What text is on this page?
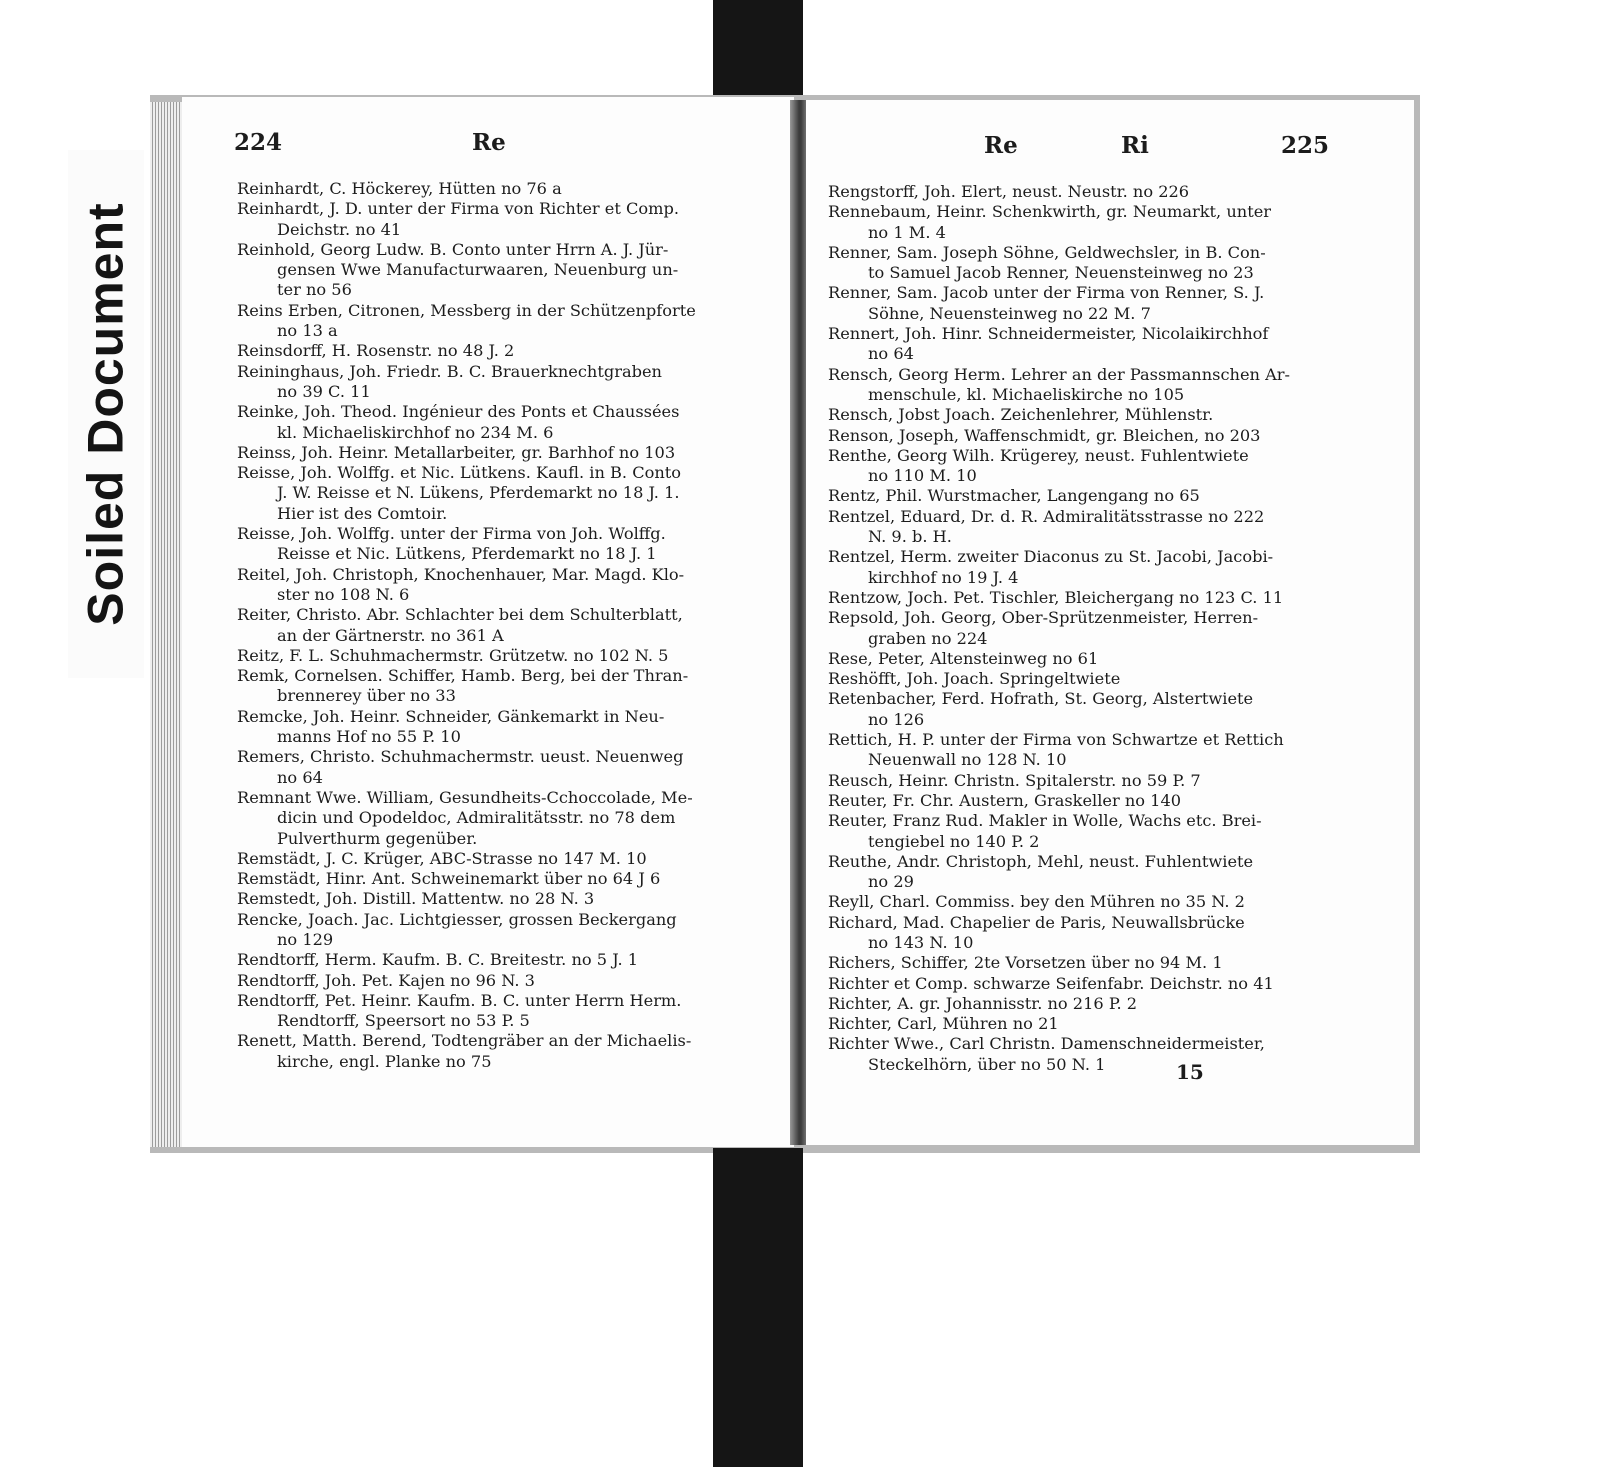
Soiled Document
224	Re
Reinhardt, C. Höckerey, Hütten no 76 a
Reinhardt, J. D. unter der Firma von Richter et Comp.
Deichstr. no 41
Reinhold, Georg Ludw. B. Conto unter Hrrn A. J. Jür-
gensen Wwe Manufacturwaaren, Neuenburg un-
ter no 56
Reins Erben, Citronen, Messberg in der Schützenpforte
no 13 a
Reinsdorff, H. Rosenstr. no 48 J. 2
Reininghaus, Joh. Friedr. B. C. Brauerknechtgraben
no 39 C. 11
Reinke, Joh. Theod. Ingénieur des Ponts et Chaussées
kl. Michaeliskirchhof no 234 M. 6
Reinss, Joh. Heinr. Metallarbeiter, gr. Barhhof no 103
Reisse, Joh. Wolffg. et Nic. Lütkens. Kaufl. in B. Conto
J. W. Reisse et N. Lükens, Pferdemarkt no 18 J. 1.
Hier ist des Comtoir.
Reisse, Joh. Wolffg. unter der Firma von Joh. Wolffg.
Reisse et Nic. Lütkens, Pferdemarkt no 18 J. 1
Reitel, Joh. Christoph, Knochenhauer, Mar. Magd. Klo-
ster no 108 N. 6
Reiter, Christo. Abr. Schlachter bei dem Schulterblatt,
an der Gärtnerstr. no 361 A
Reitz, F. L. Schuhmachermstr. Grützetw. no 102 N. 5
Remk, Cornelsen. Schiffer, Hamb. Berg, bei der Thran-
brennerey über no 33
Remcke, Joh. Heinr. Schneider, Gänkemarkt in Neu-
manns Hof no 55 P. 10
Remers, Christo. Schuhmachermstr. ueust. Neuenweg
no 64
Remnant Wwe. William, Gesundheits-Cchoccolade, Me-
dicin und Opodeldoc, Admiralitätsstr. no 78 dem
Pulverthurm gegenüber.
Remstädt, J. C. Krüger, ABC-Strasse no 147 M. 10
Remstädt, Hinr. Ant. Schweinemarkt über no 64 J 6
Remstedt, Joh. Distill. Mattentw. no 28 N. 3
Rencke, Joach. Jac. Lichtgiesser, grossen Beckergang
no 129
Rendtorff, Herm. Kaufm. B. C. Breitestr. no 5 J. 1
Rendtorff, Joh. Pet. Kajen no 96 N. 3
Rendtorff, Pet. Heinr. Kaufm. B. C. unter Herrn Herm.
Rendtorff, Speersort no 53 P. 5
Renett, Matth. Berend, Todtengräber an der Michaelis-
kirche, engl. Planke no 75
Re	Ri	225
Rengstorff, Joh. Elert, neust. Neustr. no 226
Rennebaum, Heinr. Schenkwirth, gr. Neumarkt, unter
no 1 M. 4
Renner, Sam. Joseph Söhne, Geldwechsler, in B. Con-
to Samuel Jacob Renner, Neuensteinweg no 23
Renner, Sam. Jacob unter der Firma von Renner, S. J.
Söhne, Neuensteinweg no 22 M. 7
Rennert, Joh. Hinr. Schneidermeister, Nicolaikirchhof
no 64
Rensch, Georg Herm. Lehrer an der Passmannschen Ar-
menschule, kl. Michaeliskirche no 105
Rensch, Jobst Joach. Zeichenlehrer, Mühlenstr.
Renson, Joseph, Waffenschmidt, gr. Bleichen, no 203
Renthe, Georg Wilh. Krügerey, neust. Fuhlentwiete
no 110 M. 10
Rentz, Phil. Wurstmacher, Langengang no 65
Rentzel, Eduard, Dr. d. R. Admiralitätsstrasse no 222
N. 9. b. H.
Rentzel, Herm. zweiter Diaconus zu St. Jacobi, Jacobi-
kirchhof no 19 J. 4
Rentzow, Joch. Pet. Tischler, Bleichergang no 123 C. 11
Repsold, Joh. Georg, Ober-Sprützenmeister, Herren-
graben no 224
Rese, Peter, Altensteinweg no 61
Reshöfft, Joh. Joach. Springeltwiete
Retenbacher, Ferd. Hofrath, St. Georg, Alstertwiete
no 126
Rettich, H. P. unter der Firma von Schwartze et Rettich
Neuenwall no 128 N. 10
Reusch, Heinr. Christn. Spitalerstr. no 59 P. 7
Reuter, Fr. Chr. Austern, Graskeller no 140
Reuter, Franz Rud. Makler in Wolle, Wachs etc. Brei-
tengiebel no 140 P. 2
Reuthe, Andr. Christoph, Mehl, neust. Fuhlentwiete
no 29
Reyll, Charl. Commiss. bey den Mühren no 35 N. 2
Richard, Mad. Chapelier de Paris, Neuwallsbrücke
no 143 N. 10
Richers, Schiffer, 2te Vorsetzen über no 94 M. 1
Richter et Comp. schwarze Seifenfabr. Deichstr. no 41
Richter, A. gr. Johannisstr. no 216 P. 2
Richter, Carl, Mühren no 21
Richter Wwe., Carl Christn. Damenschneidermeister,
Steckelhörn, über no 50 N. 1	15
